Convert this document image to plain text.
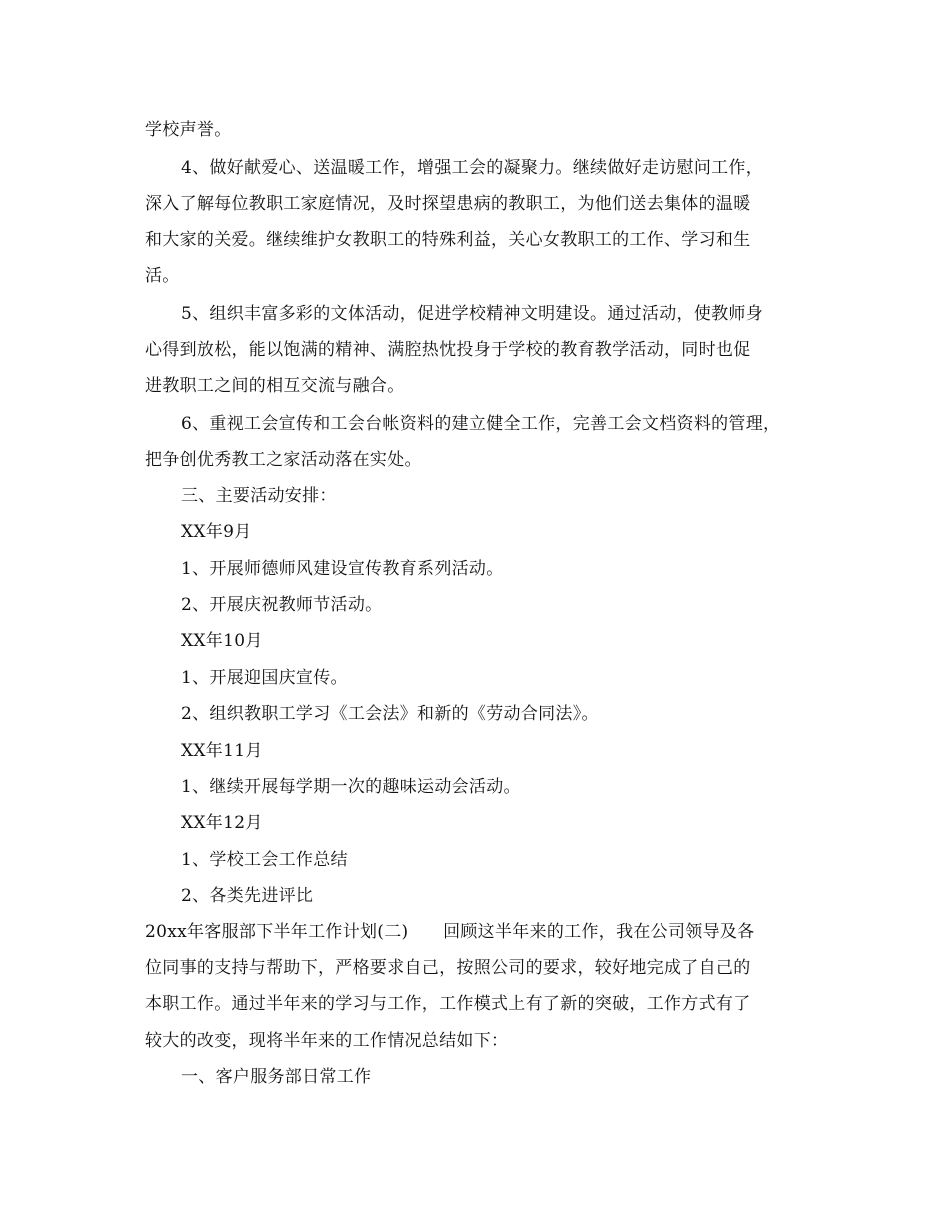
学校声誉。
4、做好献爱心、送温暖工作，增强工会的凝聚力。继续做好走访慰问工作，
深入了解每位教职工家庭情况，及时探望患病的教职工，为他们送去集体的温暖
和大家的关爱。继续维护女教职工的特殊利益，关心女教职工的工作、学习和生
活。
5、组织丰富多彩的文体活动，促进学校精神文明建设。通过活动，使教师身
心得到放松，能以饱满的精神、满腔热忱投身于学校的教育教学活动，同时也促
进教职工之间的相互交流与融合。
6、重视工会宣传和工会台帐资料的建立健全工作，完善工会文档资料的管理，
把争创优秀教工之家活动落在实处。
三、主要活动安排：
XX年9月
1、开展师德师风建设宣传教育系列活动。
2、开展庆祝教师节活动。
XX年10月
1、开展迎国庆宣传。
2、组织教职工学习《工会法》和新的《劳动合同法》。
XX年11月
1、继续开展每学期一次的趣味运动会活动。
XX年12月
1、学校工会工作总结
2、各类先进评比
20xx年客服部下半年工作计划(二)　　回顾这半年来的工作，我在公司领导及各
位同事的支持与帮助下，严格要求自己，按照公司的要求，较好地完成了自己的
本职工作。通过半年来的学习与工作，工作模式上有了新的突破，工作方式有了
较大的改变，现将半年来的工作情况总结如下：
一、客户服务部日常工作
